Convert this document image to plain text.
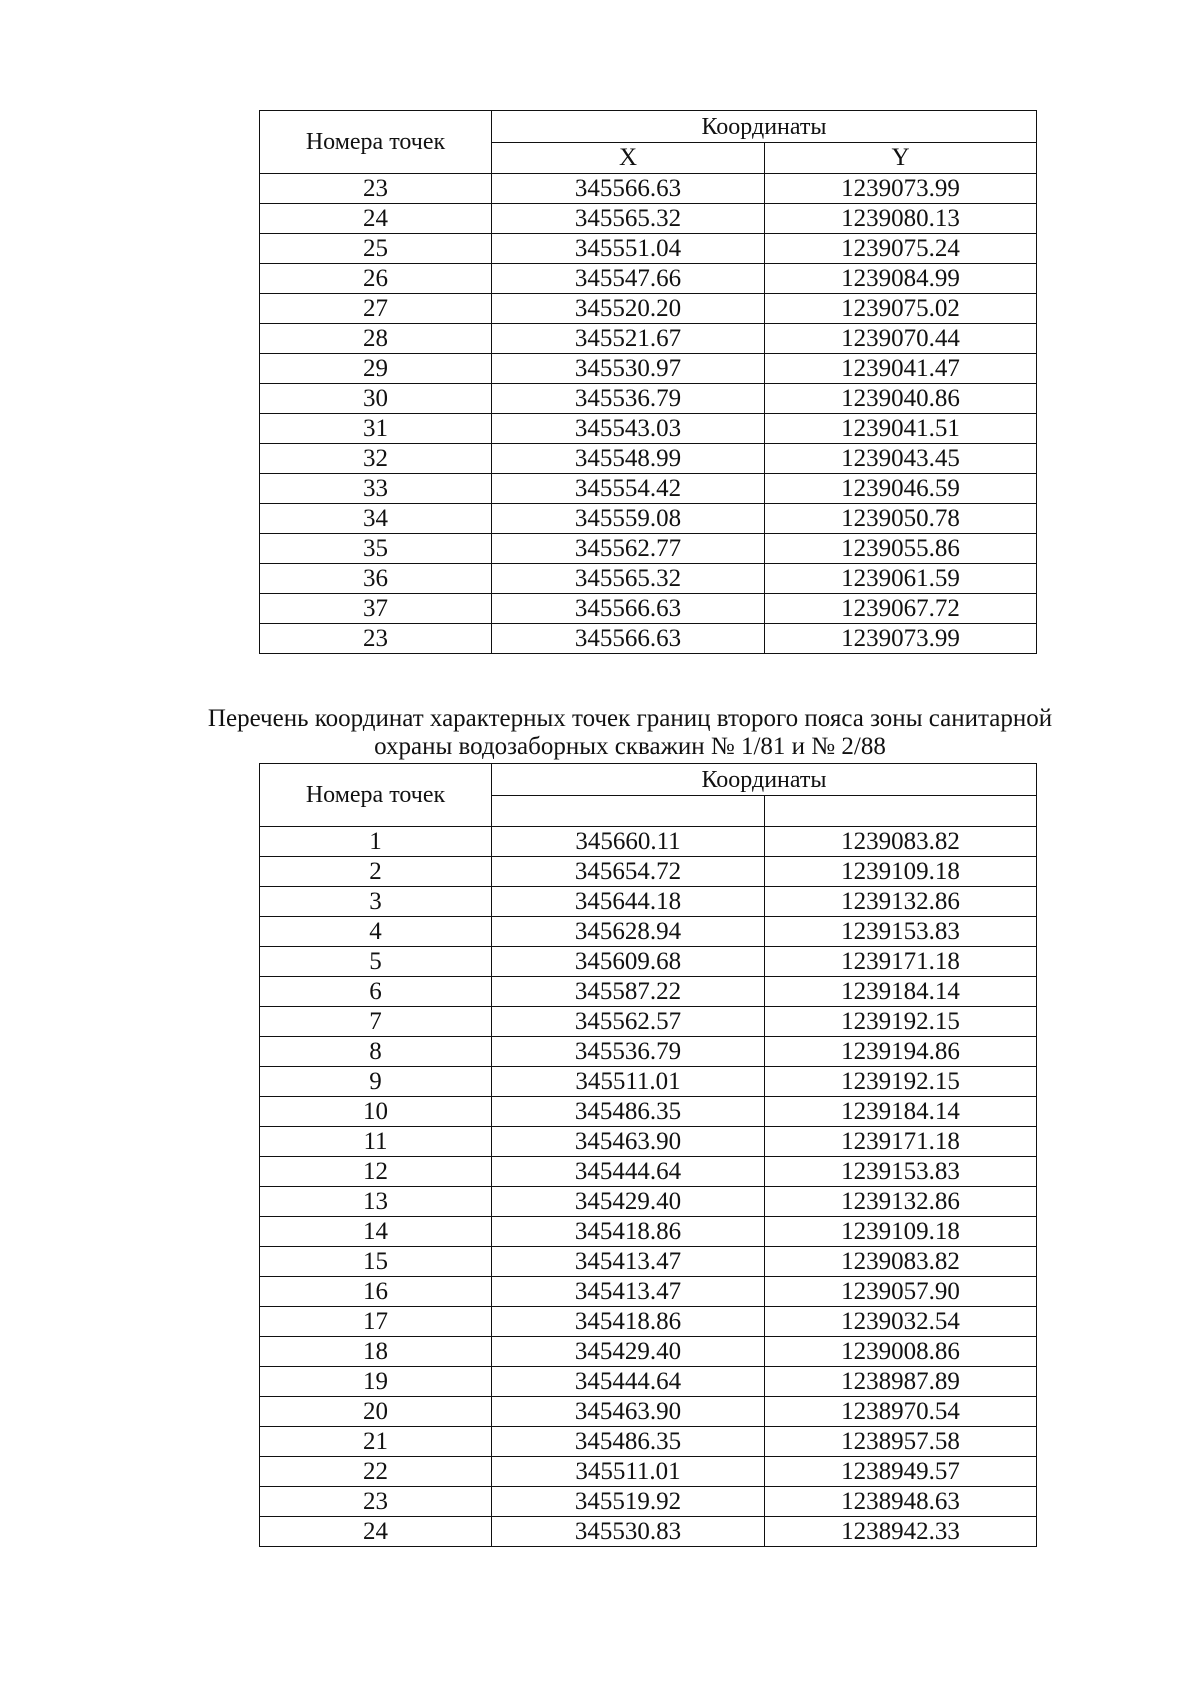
Номера точек	Координаты	
	X	Y
23	345566.63	1239073.99
24	345565.32	1239080.13
25	345551.04	1239075.24
26	345547.66	1239084.99
27	345520.20	1239075.02
28	345521.67	1239070.44
29	345530.97	1239041.47
30	345536.79	1239040.86
31	345543.03	1239041.51
32	345548.99	1239043.45
33	345554.42	1239046.59
34	345559.08	1239050.78
35	345562.77	1239055.86
36	345565.32	1239061.59
37	345566.63	1239067.72
23	345566.63	1239073.99

Перечень координат характерных точек границ второго пояса зоны санитарной

охраны водозаборных скважин № 1/81 и № 2/88

Номера точек	Координаты	

1	345660.11	1239083.82
2	345654.72	1239109.18
3	345644.18	1239132.86
4	345628.94	1239153.83
5	345609.68	1239171.18
6	345587.22	1239184.14
7	345562.57	1239192.15
8	345536.79	1239194.86
9	345511.01	1239192.15
10	345486.35	1239184.14
11	345463.90	1239171.18
12	345444.64	1239153.83
13	345429.40	1239132.86
14	345418.86	1239109.18
15	345413.47	1239083.82
16	345413.47	1239057.90
17	345418.86	1239032.54
18	345429.40	1239008.86
19	345444.64	1238987.89
20	345463.90	1238970.54
21	345486.35	1238957.58
22	345511.01	1238949.57
23	345519.92	1238948.63
24	345530.83	1238942.33
